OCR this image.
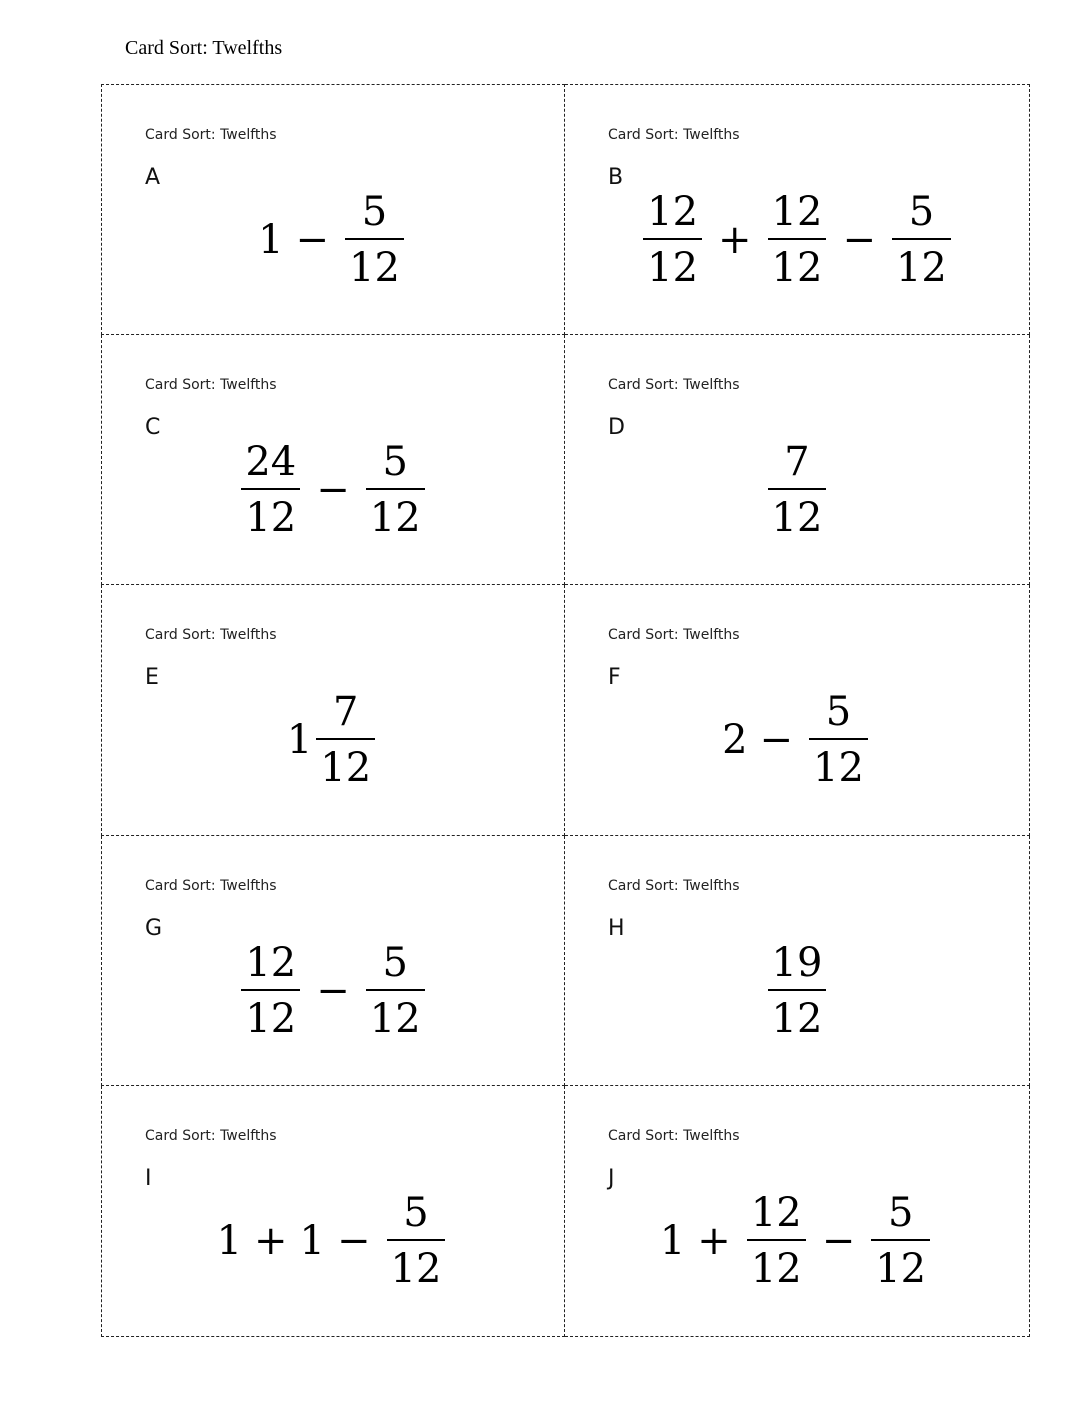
Card Sort: Twelfths
Card Sort: Twelfths
A
$1 - \frac{5}{12}$
Card Sort: Twelfths
B
$\frac{12}{12} + \frac{12}{12} - \frac{5}{12}$
Card Sort: Twelfths
C
$\frac{24}{12} - \frac{5}{12}$
Card Sort: Twelfths
D
$\frac{7}{12}$
Card Sort: Twelfths
E
$1 \frac{7}{12}$
Card Sort: Twelfths
F
$2 - \frac{5}{12}$
Card Sort: Twelfths
G
$\frac{12}{12} - \frac{5}{12}$
Card Sort: Twelfths
H
$\frac{19}{12}$
Card Sort: Twelfths
I
$1 + 1 - \frac{5}{12}$
Card Sort: Twelfths
J
$1 + \frac{12}{12} - \frac{5}{12}$
